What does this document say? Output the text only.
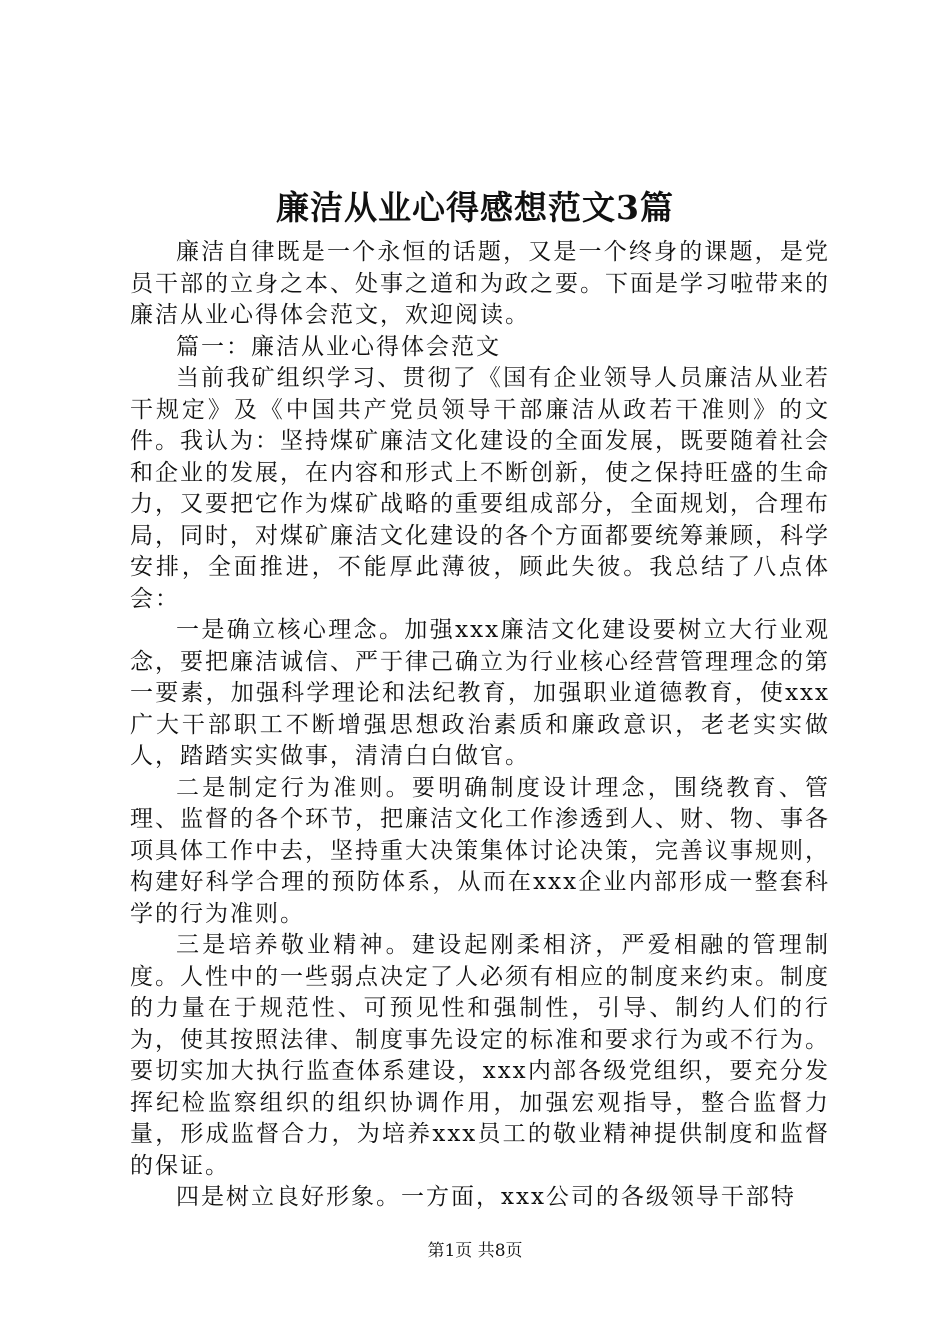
廉洁从业心得感想范文3篇

廉洁自律既是一个永恒的话题，又是一个终身的课题，是党员干部的立身之本、处事之道和为政之要。下面是学习啦带来的廉洁从业心得体会范文，欢迎阅读。

篇一：廉洁从业心得体会范文

当前我矿组织学习、贯彻了《国有企业领导人员廉洁从业若干规定》及《中国共产党员领导干部廉洁从政若干准则》的文件。我认为：坚持煤矿廉洁文化建设的全面发展，既要随着社会和企业的发展，在内容和形式上不断创新，使之保持旺盛的生命力，又要把它作为煤矿战略的重要组成部分，全面规划，合理布局，同时，对煤矿廉洁文化建设的各个方面都要统筹兼顾，科学安排，全面推进，不能厚此薄彼，顾此失彼。我总结了八点体会：

一是确立核心理念。加强xxx廉洁文化建设要树立大行业观念，要把廉洁诚信、严于律己确立为行业核心经营管理理念的第一要素，加强科学理论和法纪教育，加强职业道德教育，使xxx广大干部职工不断增强思想政治素质和廉政意识，老老实实做人，踏踏实实做事，清清白白做官。

二是制定行为准则。要明确制度设计理念，围绕教育、管理、监督的各个环节，把廉洁文化工作渗透到人、财、物、事各项具体工作中去，坚持重大决策集体讨论决策，完善议事规则，构建好科学合理的预防体系，从而在xxx企业内部形成一整套科学的行为准则。

三是培养敬业精神。建设起刚柔相济，严爱相融的管理制度。人性中的一些弱点决定了人必须有相应的制度来约束。制度的力量在于规范性、可预见性和强制性，引导、制约人们的行为，使其按照法律、制度事先设定的标准和要求行为或不行为。要切实加大执行监查体系建设，xxx内部各级党组织，要充分发挥纪检监察组织的组织协调作用，加强宏观指导，整合监督力量，形成监督合力，为培养xxx员工的敬业精神提供制度和监督的保证。

四是树立良好形象。一方面，xxx公司的各级领导干部特

第1页 共8页
